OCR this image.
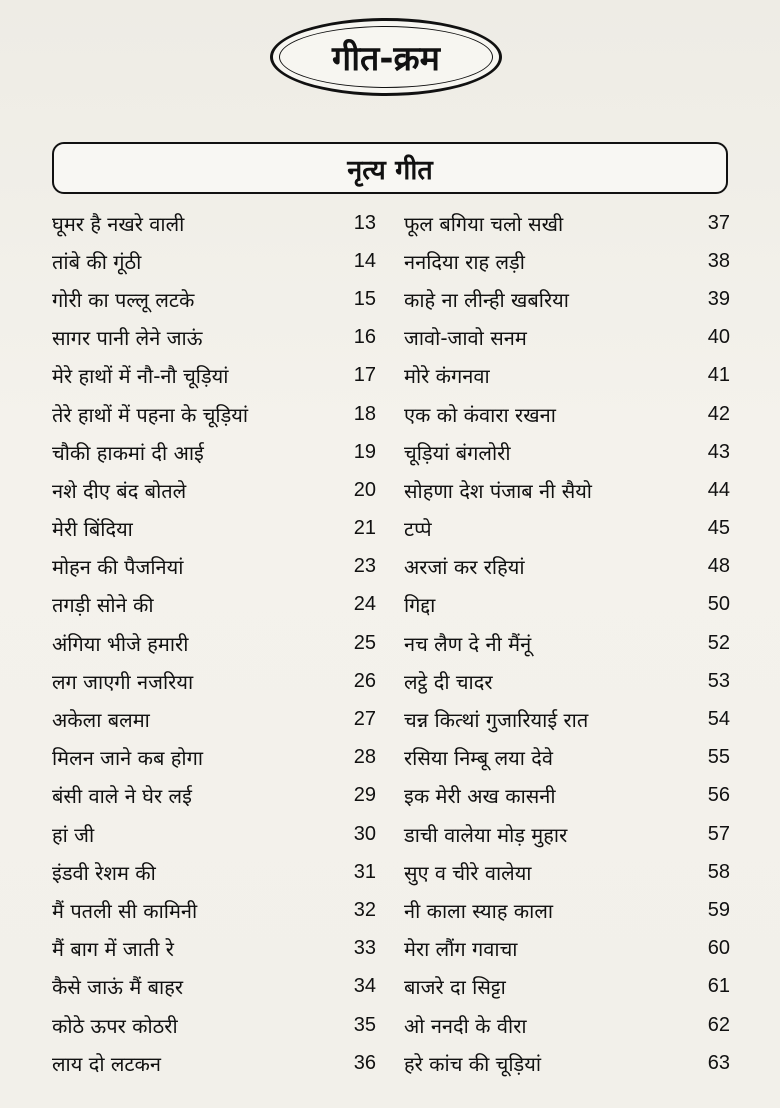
गीत-क्रम
नृत्य गीत
घूमर है नखरे वाली	13
तांबे की गूंठी	14
गोरी का पल्लू लटके	15
सागर पानी लेने जाऊं	16
मेरे हाथों में नौ-नौ चूड़ियां	17
तेरे हाथों में पहना के चूड़ियां	18
चौकी हाकमां दी आई	19
नशे दीए बंद बोतले	20
मेरी बिंदिया	21
मोहन की पैजनियां	23
तगड़ी सोने की	24
अंगिया भीजे हमारी	25
लग जाएगी नजरिया	26
अकेला बलमा	27
मिलन जाने कब होगा	28
बंसी वाले ने घेर लई	29
हां जी	30
इंडवी रेशम की	31
मैं पतली सी कामिनी	32
मैं बाग में जाती रे	33
कैसे जाऊं मैं बाहर	34
कोठे ऊपर कोठरी	35
लाय दो लटकन	36
फूल बगिया चलो सखी	37
ननदिया राह लड़ी	38
काहे ना लीन्ही खबरिया	39
जावो-जावो सनम	40
मोरे कंगनवा	41
एक को कंवारा रखना	42
चूड़ियां बंगलोरी	43
सोहणा देश पंजाब नी सैयो	44
टप्पे	45
अरजां कर रहियां	48
गिद्दा	50
नच लैण दे नी मैंनूं	52
लट्ठे दी चादर	53
चन्न कित्थां गुजारियाई रात	54
रसिया निम्बू लया देवे	55
इक मेरी अख कासनी	56
डाची वालेया मोड़ मुहार	57
सुए व चीरे वालेया	58
नी काला स्याह काला	59
मेरा लौंग गवाचा	60
बाजरे दा सिट्टा	61
ओ ननदी के वीरा	62
हरे कांच की चूड़ियां	63
